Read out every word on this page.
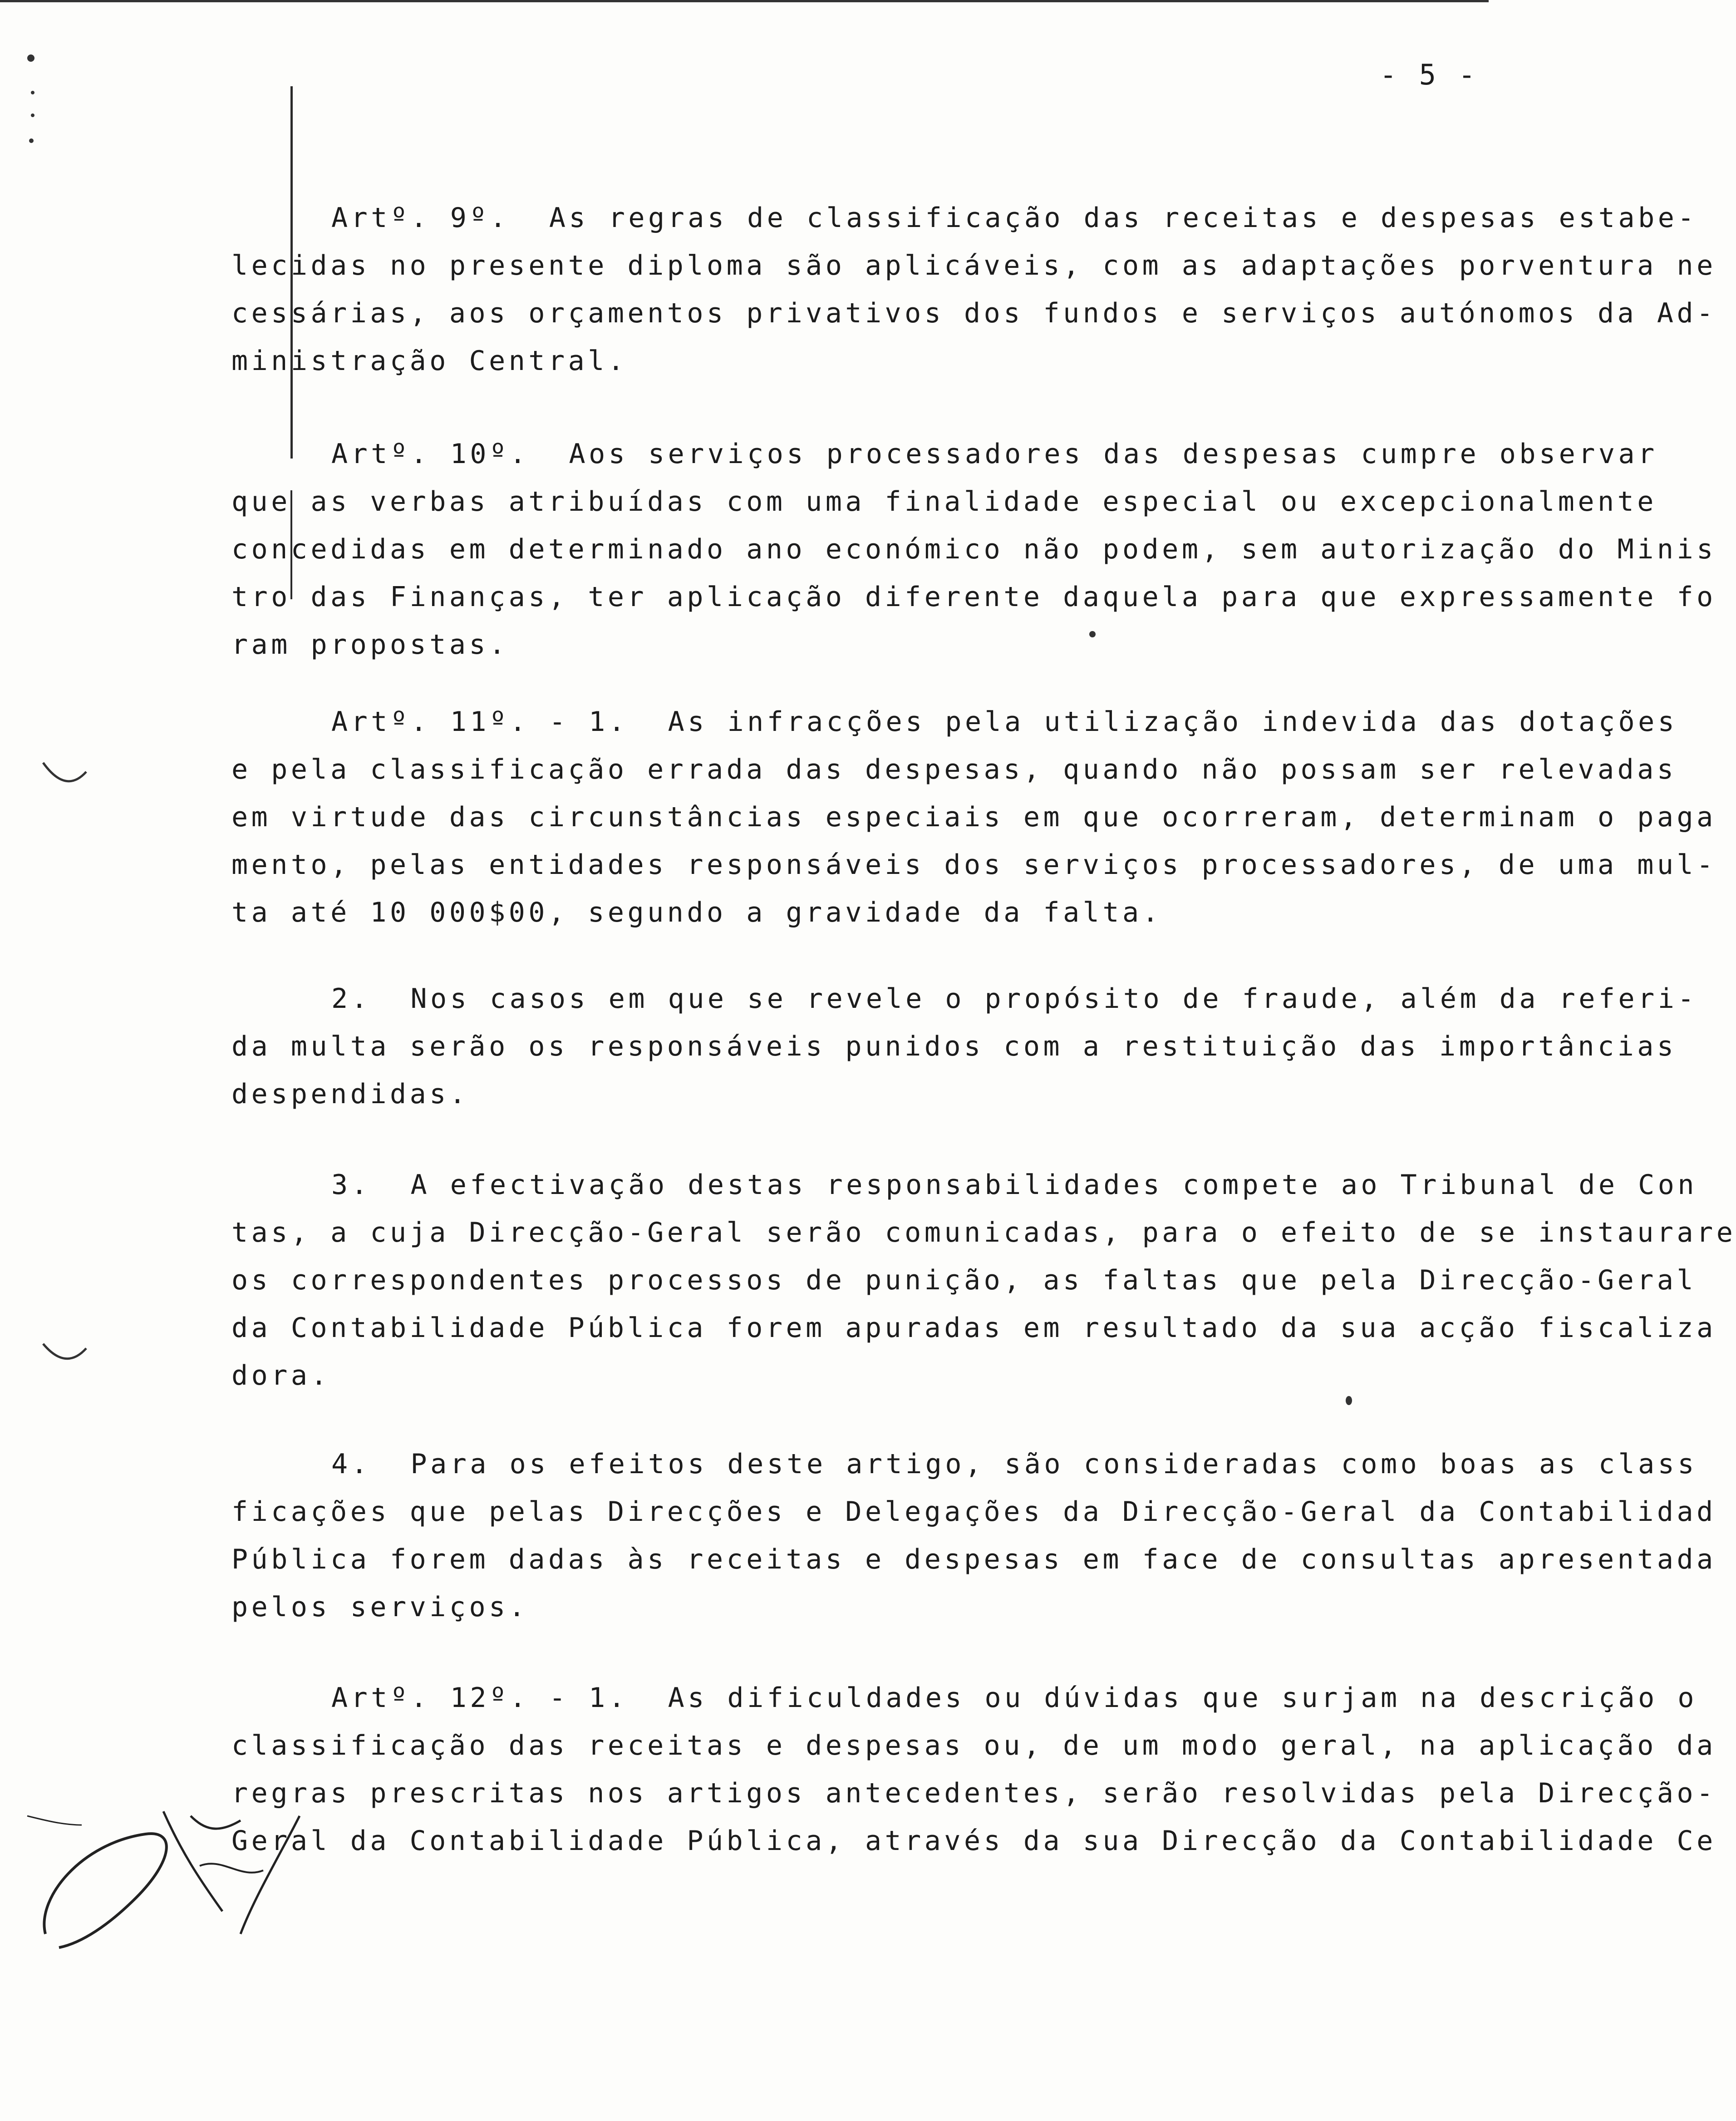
- 5 -
Artº. 9º.  As regras de classificação das receitas e despesas estabe-
lecidas no presente diploma são aplicáveis, com as adaptações porventura ne
cessárias, aos orçamentos privativos dos fundos e serviços autónomos da Ad-
ministração Central.
Artº. 10º.  Aos serviços processadores das despesas cumpre observar
que as verbas atribuídas com uma finalidade especial ou excepcionalmente
concedidas em determinado ano económico não podem, sem autorização do Minis
tro das Finanças, ter aplicação diferente daquela para que expressamente fo
ram propostas.
Artº. 11º. - 1.  As infracções pela utilização indevida das dotações
e pela classificação errada das despesas, quando não possam ser relevadas
em virtude das circunstâncias especiais em que ocorreram, determinam o paga
mento, pelas entidades responsáveis dos serviços processadores, de uma mul-
ta até 10 000$00, segundo a gravidade da falta.
2.  Nos casos em que se revele o propósito de fraude, além da referi-
da multa serão os responsáveis punidos com a restituição das importâncias
despendidas.
3.  A efectivação destas responsabilidades compete ao Tribunal de Con
tas, a cuja Direcção-Geral serão comunicadas, para o efeito de se instaurare
os correspondentes processos de punição, as faltas que pela Direcção-Geral
da Contabilidade Pública forem apuradas em resultado da sua acção fiscaliza
dora.
4.  Para os efeitos deste artigo, são consideradas como boas as class
ficações que pelas Direcções e Delegações da Direcção-Geral da Contabilidad
Pública forem dadas às receitas e despesas em face de consultas apresentada
pelos serviços.
Artº. 12º. - 1.  As dificuldades ou dúvidas que surjam na descrição o
classificação das receitas e despesas ou, de um modo geral, na aplicação da
regras prescritas nos artigos antecedentes, serão resolvidas pela Direcção-
Geral da Contabilidade Pública, através da sua Direcção da Contabilidade Ce
